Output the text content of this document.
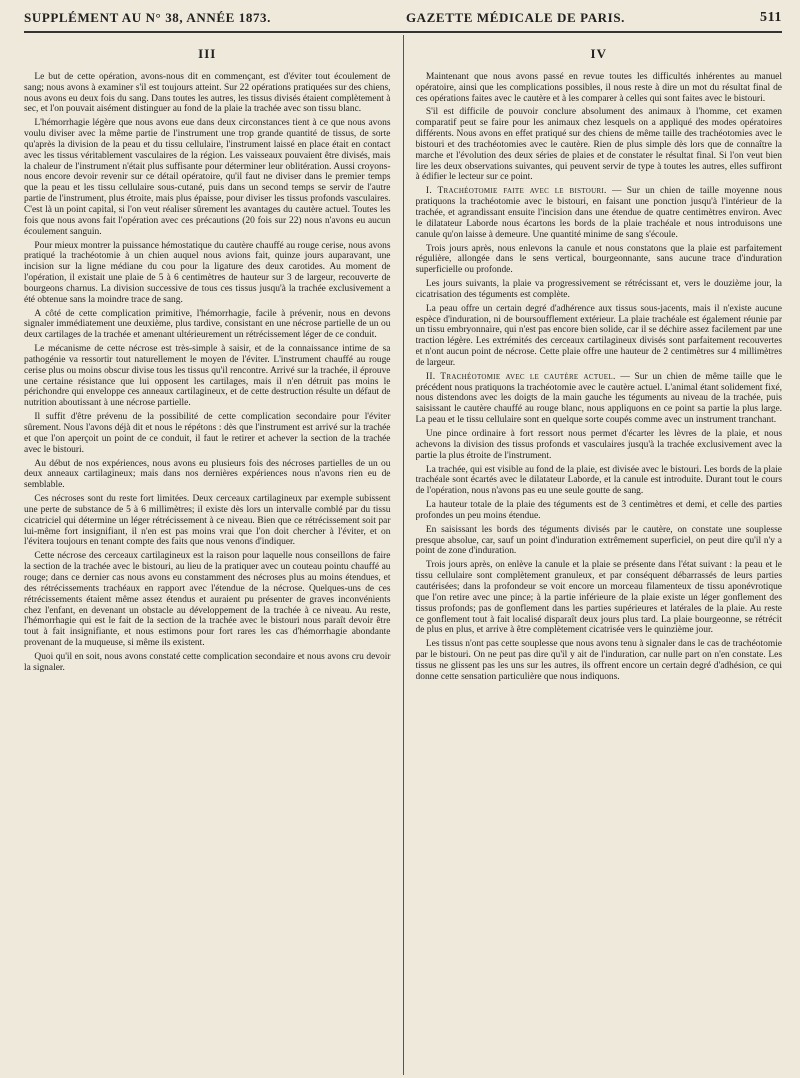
SUPPLÉMENT AU N° 38, ANNÉE 1873.	GAZETTE MÉDICALE DE PARIS.	511
III

Le but de cette opération, avons-nous dit en commençant, est d'éviter tout écoulement de sang; nous avons à examiner s'il est toujours atteint. Sur 22 opérations pratiquées sur des chiens, nous avons eu deux fois du sang. Dans toutes les autres, les tissus divisés étaient complètement à sec, et l'on pouvait aisément distinguer au fond de la plaie la trachée avec son tissu blanc.

L'hémorrhagie légère que nous avons eue dans deux circonstances tient à ce que nous avons voulu diviser avec la même partie de l'instrument une trop grande quantité de tissus, de sorte qu'après la division de la peau et du tissu cellulaire, l'instrument laissé en place était en contact avec les tissus véritablement vasculaires de la région. Les vaisseaux pouvaient être divisés, mais la chaleur de l'instrument n'était plus suffisante pour déterminer leur oblitération. Aussi croyons-nous encore devoir revenir sur ce détail opératoire, qu'il faut ne diviser dans le premier temps que la peau et les tissu cellulaire sous-cutané, puis dans un second temps se servir de l'autre partie de l'instrument, plus étroite, mais plus épaisse, pour diviser les tissus profonds vasculaires. C'est là un point capital, si l'on veut réaliser sûrement les avantages du cautère actuel. Toutes les fois que nous avons fait l'opération avec ces précautions (20 fois sur 22) nous n'avons eu aucun écoulement sanguin.

Pour mieux montrer la puissance hémostatique du cautère chauffé au rouge cerise, nous avons pratiqué la trachéotomie à un chien auquel nous avions fait, quinze jours auparavant, une incision sur la ligne médiane du cou pour la ligature des deux carotides. Au moment de l'opération, il existait une plaie de 5 à 6 centimètres de hauteur sur 3 de largeur, recouverte de bourgeons charnus. La division successive de tous ces tissus jusqu'à la trachée exclusivement a été obtenue sans la moindre trace de sang.

A côté de cette complication primitive, l'hémorrhagie, facile à prévenir, nous en devons signaler immédiatement une deuxième, plus tardive, consistant en une nécrose partielle de un ou deux cartilages de la trachée et amenant ultérieurement un rétrécissement léger de ce conduit.

Le mécanisme de cette nécrose est très-simple à saisir, et de la connaissance intime de sa pathogénie va ressortir tout naturellement le moyen de l'éviter. L'instrument chauffé au rouge cerise plus ou moins obscur divise tous les tissus qu'il rencontre. Arrivé sur la trachée, il éprouve une certaine résistance que lui opposent les cartilages, mais il n'en détruit pas moins le périchondre qui enveloppe ces anneaux cartilagineux, et de cette destruction résulte un défaut de nutrition aboutissant à une nécrose partielle.

Il suffit d'être prévenu de la possibilité de cette complication secondaire pour l'éviter sûrement. Nous l'avons déjà dit et nous le répétons : dès que l'instrument est arrivé sur la trachée et que l'on aperçoit un point de ce conduit, il faut le retirer et achever la section de la trachée avec le bistouri.

Au début de nos expériences, nous avons eu plusieurs fois des nécroses partielles de un ou deux anneaux cartilagineux; mais dans nos dernières expériences nous n'avons rien eu de semblable.

Ces nécroses sont du reste fort limitées. Deux cerceaux cartilagineux par exemple subissent une perte de substance de 5 à 6 millimètres; il existe dès lors un intervalle comblé par du tissu cicatriciel qui détermine un léger rétrécissement à ce niveau. Bien que ce rétrécissement soit par lui-même fort insignifiant, il n'en est pas moins vrai que l'on doit chercher à l'éviter, et on l'évitera toujours en tenant compte des faits que nous venons d'indiquer.

Cette nécrose des cerceaux cartilagineux est la raison pour laquelle nous conseillons de faire la section de la trachée avec le bistouri, au lieu de la pratiquer avec un couteau pointu chauffé au rouge; dans ce dernier cas nous avons eu constamment des nécroses plus au moins étendues, et des rétrécissements trachéaux en rapport avec l'étendue de la nécrose. Quelques-uns de ces rétrécissements étaient même assez étendus et auraient pu présenter de graves inconvénients chez l'enfant, en devenant un obstacle au développement de la trachée à ce niveau. Au reste, l'hémorrhagie qui est le fait de la section de la trachée avec le bistouri nous paraît devoir être tout à fait insignifiante, et nous estimons pour fort rares les cas d'hémorrhagie abondante provenant de la muqueuse, si même ils existent.

Quoi qu'il en soit, nous avons constaté cette complication secondaire et nous avons cru devoir la signaler.

IV

Maintenant que nous avons passé en revue toutes les difficultés inhérentes au manuel opératoire, ainsi que les complications possibles, il nous reste à dire un mot du résultat final de ces opérations faites avec le cautère et à les comparer à celles qui sont faites avec le bistouri.

S'il est difficile de pouvoir conclure absolument des animaux à l'homme, cet examen comparatif peut se faire pour les animaux chez lesquels on a appliqué des modes opératoires différents. Nous avons en effet pratiqué sur des chiens de même taille des trachéotomies avec le bistouri et des trachéotomies avec le cautère. Rien de plus simple dès lors que de connaître la marche et l'évolution des deux séries de plaies et de constater le résultat final. Si l'on veut bien lire les deux observations suivantes, qui peuvent servir de type à toutes les autres, elles suffiront à édifier le lecteur sur ce point.

I. Trachéotomie faite avec le bistouri. — Sur un chien de taille moyenne nous pratiquons la trachéotomie avec le bistouri, en faisant une ponction jusqu'à l'intérieur de la trachée, et agrandissant ensuite l'incision dans une étendue de quatre centimètres environ. Avec le dilatateur Laborde nous écartons les bords de la plaie trachéale et nous introduisons une canule qu'on laisse à demeure. Une quantité minime de sang s'écoule.

Trois jours après, nous enlevons la canule et nous constatons que la plaie est parfaitement régulière, allongée dans le sens vertical, bourgeonnante, sans aucune trace d'induration superficielle ou profonde.

Les jours suivants, la plaie va progressivement se rétrécissant et, vers le douzième jour, la cicatrisation des téguments est complète.

La peau offre un certain degré d'adhérence aux tissus sous-jacents, mais il n'existe aucune espèce d'induration, ni de boursoufflement extérieur. La plaie trachéale est également réunie par un tissu embryonnaire, qui n'est pas encore bien solide, car il se déchire assez facilement par une traction légère. Les extrémités des cerceaux cartilagineux divisés sont parfaitement recouvertes et n'ont aucun point de nécrose. Cette plaie offre une hauteur de 2 centimètres sur 4 millimètres de largeur.

II. Trachéotomie avec le cautère actuel. — Sur un chien de même taille que le précédent nous pratiquons la trachéotomie avec le cautère actuel. L'animal étant solidement fixé, nous distendons avec les doigts de la main gauche les téguments au niveau de la trachée, puis saisissant le cautère chauffé au rouge blanc, nous appliquons en ce point sa partie la plus large. La peau et le tissu cellulaire sont en quelque sorte coupés comme avec un instrument tranchant.

Une pince ordinaire à fort ressort nous permet d'écarter les lèvres de la plaie, et nous achevons la division des tissus profonds et vasculaires jusqu'à la trachée exclusivement avec la partie la plus étroite de l'instrument.

La trachée, qui est visible au fond de la plaie, est divisée avec le bistouri. Les bords de la plaie trachéale sont écartés avec le dilatateur Laborde, et la canule est introduite. Durant tout le cours de l'opération, nous n'avons pas eu une seule goutte de sang.

La hauteur totale de la plaie des téguments est de 3 centimètres et demi, et celle des parties profondes un peu moins étendue.

En saisissant les bords des téguments divisés par le cautère, on constate une souplesse presque absolue, car, sauf un point d'induration extrêmement superficiel, on peut dire qu'il n'y a point de zone d'induration.

Trois jours après, on enlève la canule et la plaie se présente dans l'état suivant : la peau et le tissu cellulaire sont complètement granuleux, et par conséquent débarrassés de leurs parties cautérisées; dans la profondeur se voit encore un morceau filamenteux de tissu aponévrotique que l'on retire avec une pince; à la partie inférieure de la plaie existe un léger gonflement des tissus profonds; pas de gonflement dans les parties supérieures et latérales de la plaie. Au reste ce gonflement tout à fait localisé disparaît deux jours plus tard. La plaie bourgeonne, se rétrécit de plus en plus, et arrive à être complètement cicatrisée vers le quinzième jour.

Les tissus n'ont pas cette souplesse que nous avons tenu à signaler dans le cas de trachéotomie par le bistouri. On ne peut pas dire qu'il y ait de l'induration, car nulle part on n'en constate. Les tissus ne glissent pas les uns sur les autres, ils offrent encore un certain degré d'adhésion, ce qui donne cette sensation particulière que nous indiquons.
